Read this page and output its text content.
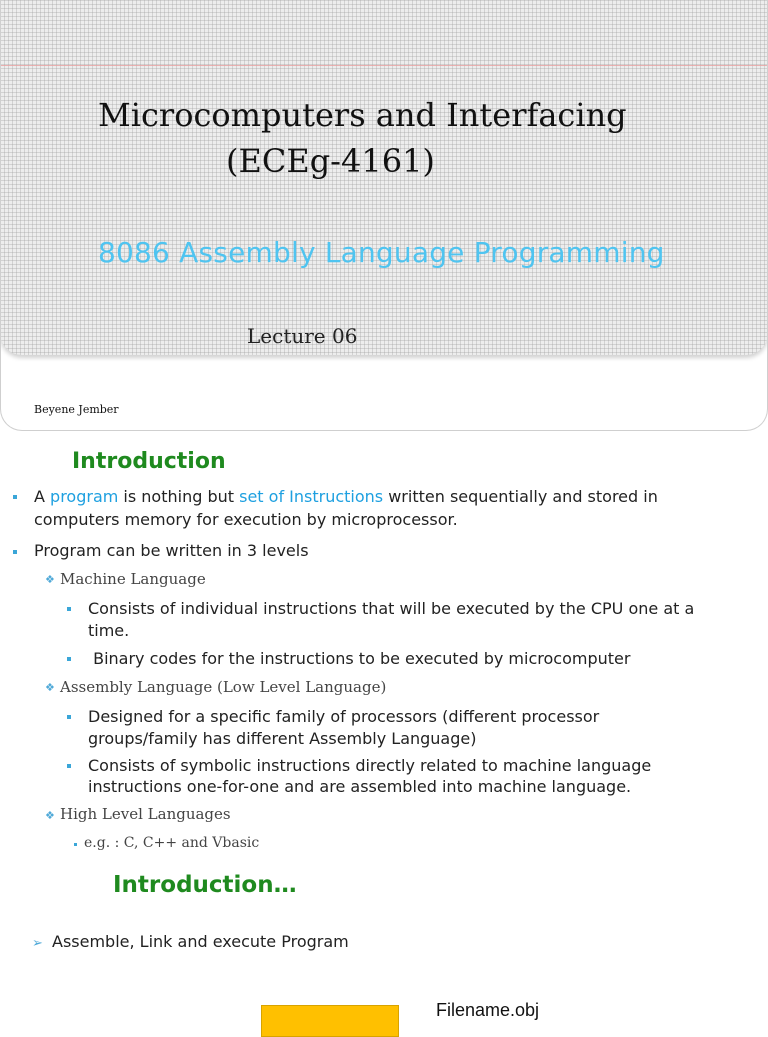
Microcomputers and Interfacing
(ECEg-4161)
8086 Assembly Language Programming
Lecture 06
Beyene Jember
Introduction
A program is nothing but set of Instructions written sequentially and stored in
computers memory for execution by microprocessor.
Program can be written in 3 levels
❖ Machine Language
Consists of individual instructions that will be executed by the CPU one at a
time.
Binary codes for the instructions to be executed by microcomputer
❖ Assembly Language (Low Level Language)
Designed for a specific family of processors (different processor
groups/family has different Assembly Language)
Consists of symbolic instructions directly related to machine language
instructions one-for-one and are assembled into machine language.
❖ High Level Languages
e.g. : C, C++ and Vbasic
Introduction…
➢ Assemble, Link and execute Program
Filename.obj
